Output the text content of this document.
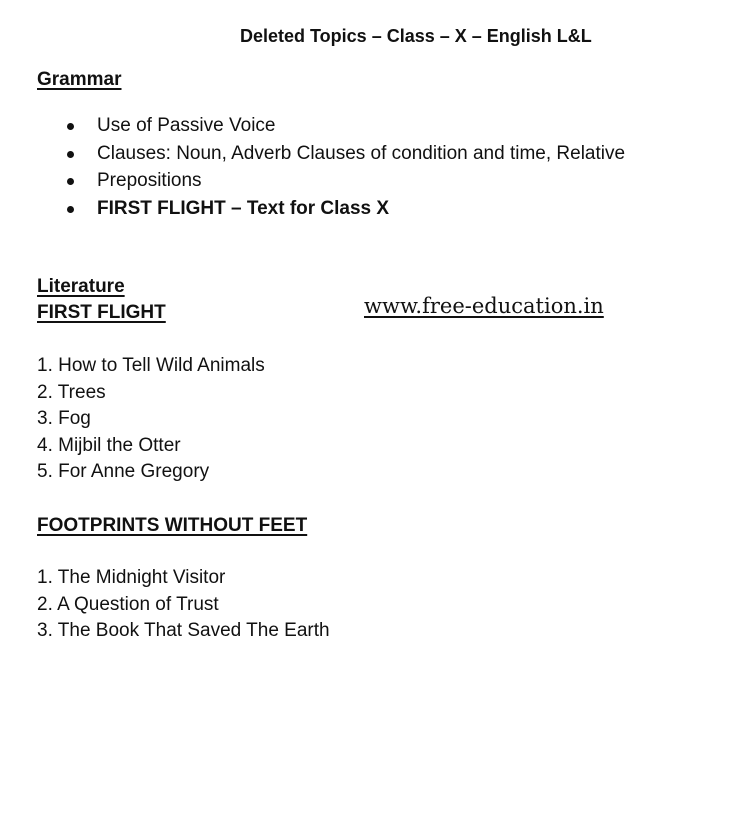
Deleted Topics – Class – X – English L&L
Grammar
Use of Passive Voice
Clauses: Noun, Adverb Clauses of condition and time, Relative
Prepositions
FIRST FLIGHT – Text for Class X
Literature
FIRST FLIGHT	www.free-education.in
1. How to Tell Wild Animals
2. Trees
3. Fog
4. Mijbil the Otter
5. For Anne Gregory
FOOTPRINTS WITHOUT FEET
1. The Midnight Visitor
2. A Question of Trust
3. The Book That Saved The Earth
